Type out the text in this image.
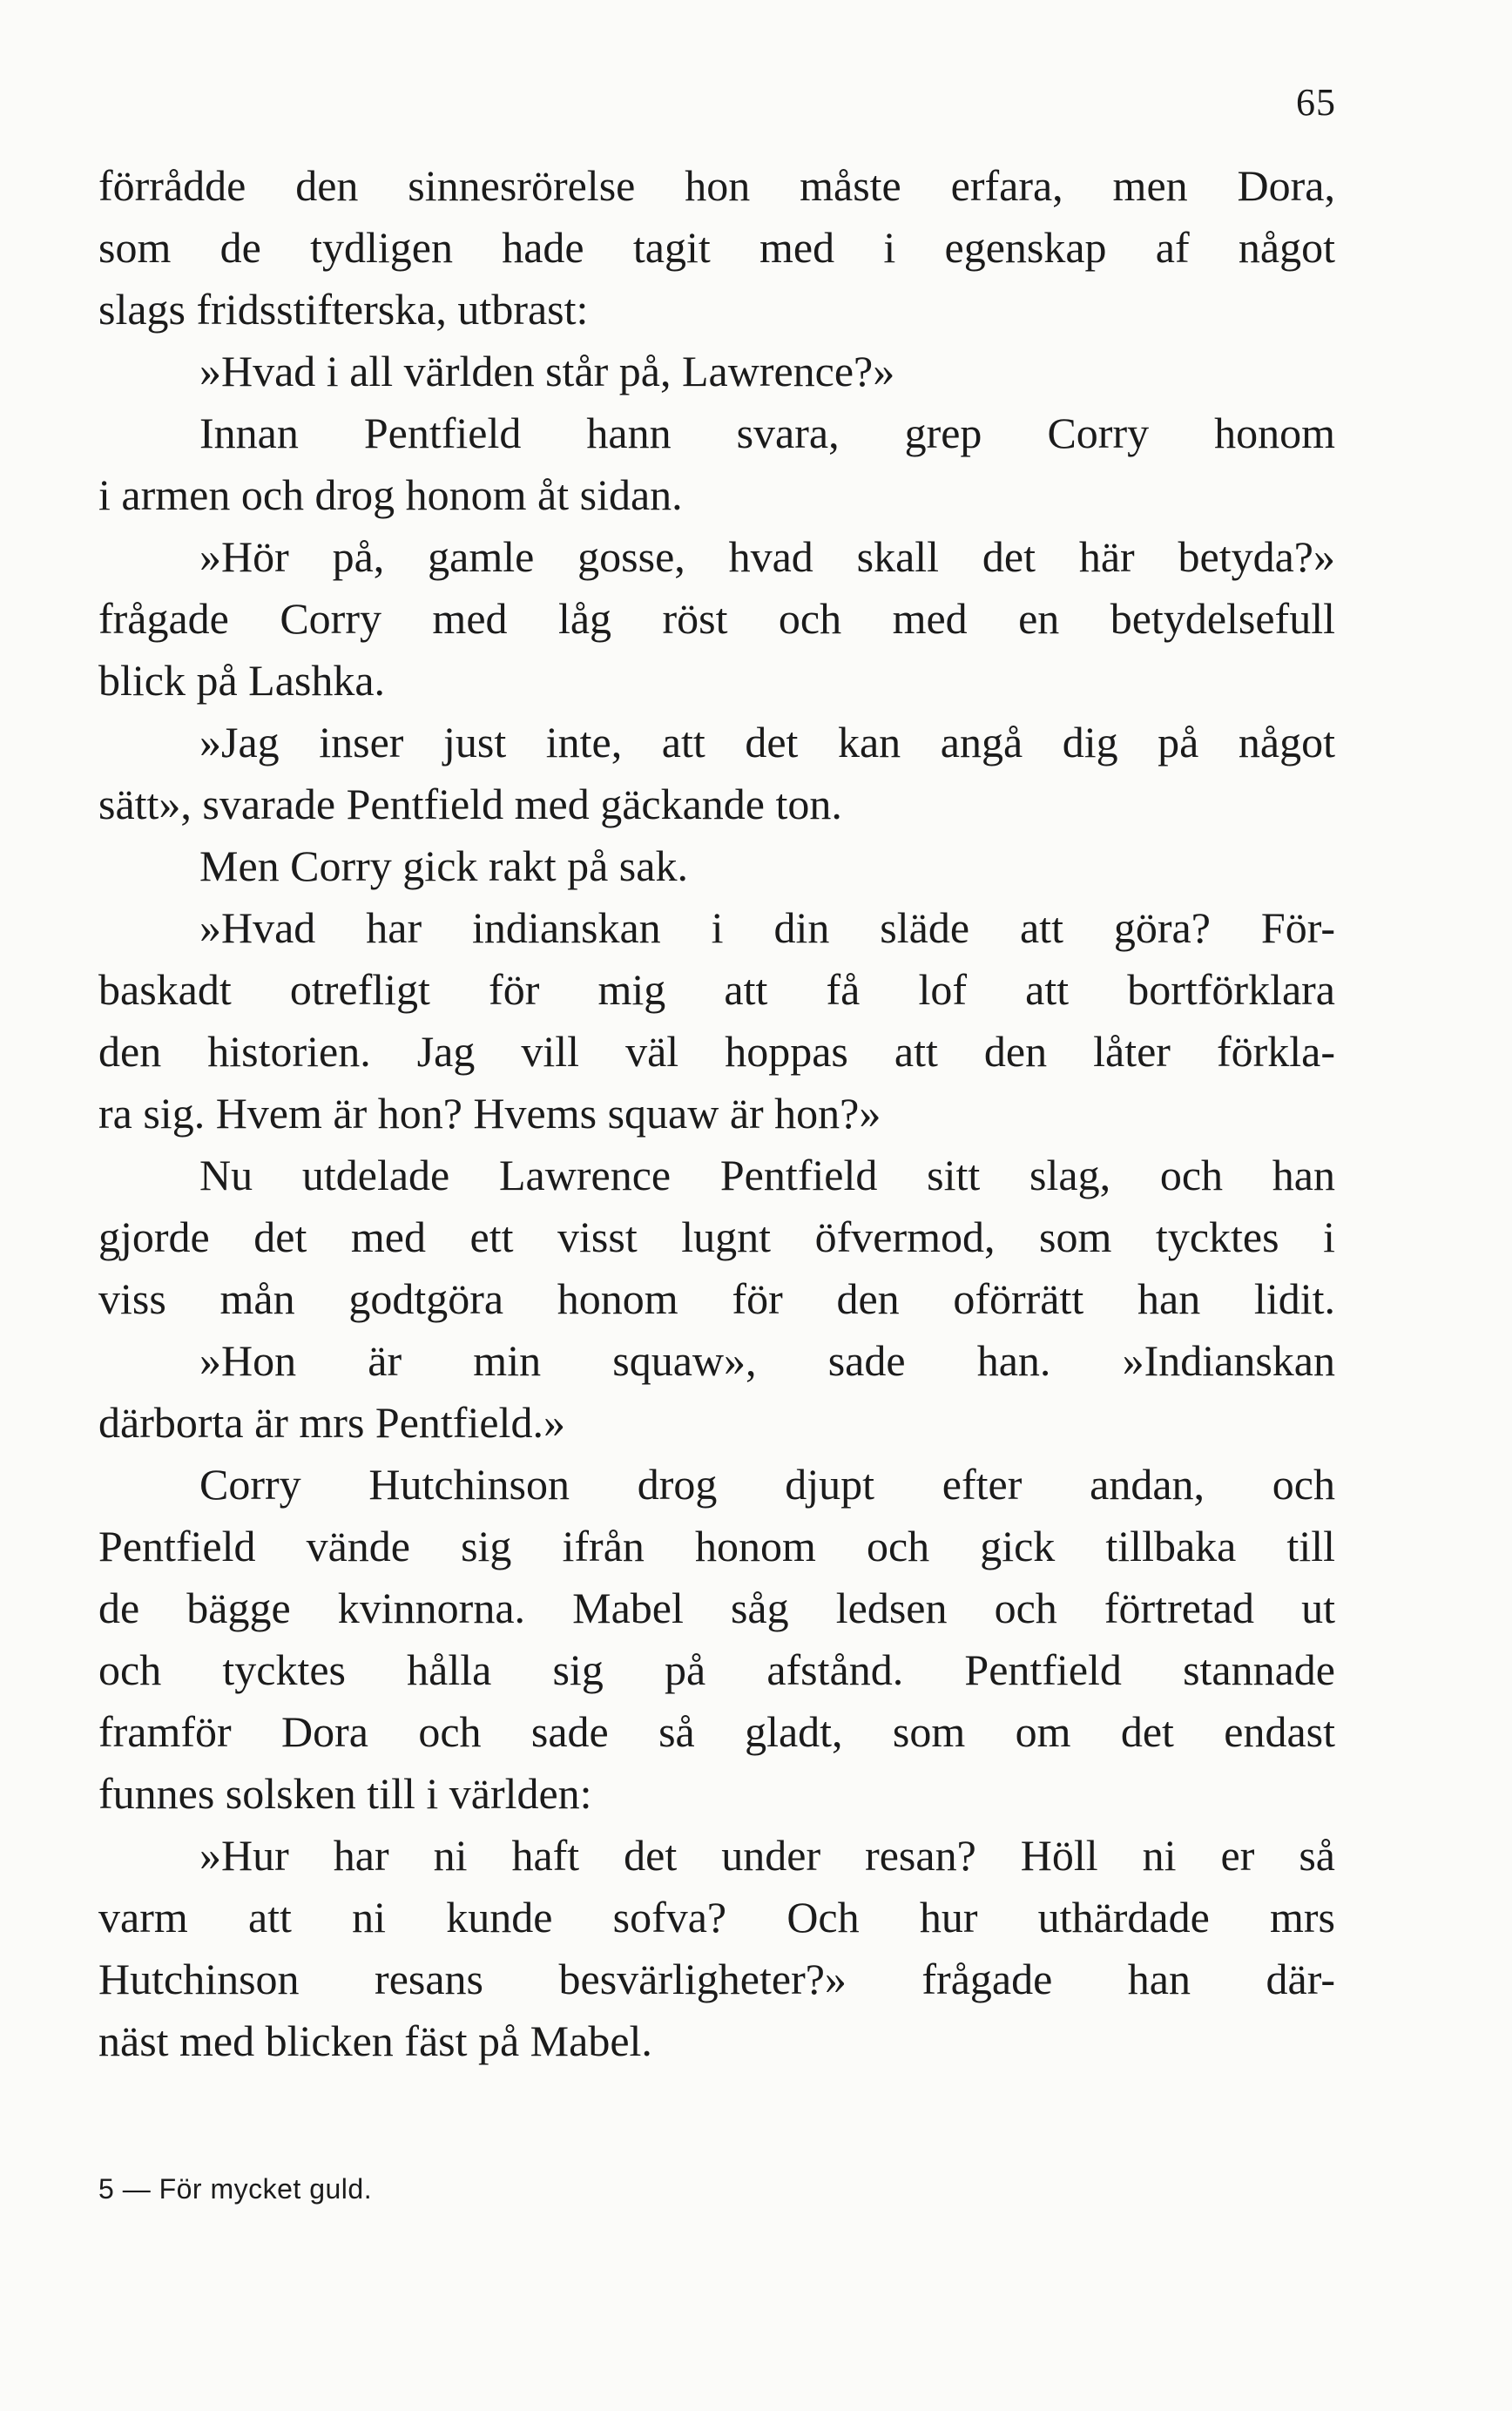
65
förrådde den sinnesrörelse hon måste erfara, men Dora,
som de tydligen hade tagit med i egenskap af något
slags fridsstifterska, utbrast:
»Hvad i all världen står på, Lawrence?»
Innan Pentfield hann svara, grep Corry honom
i armen och drog honom åt sidan.
»Hör på, gamle gosse, hvad skall det här betyda?»
frågade Corry med låg röst och med en betydelsefull
blick på Lashka.
»Jag inser just inte, att det kan angå dig på något
sätt», svarade Pentfield med gäckande ton.
Men Corry gick rakt på sak.
»Hvad har indianskan i din släde att göra? För-
baskadt otrefligt för mig att få lof att bortförklara
den historien. Jag vill väl hoppas att den låter förkla-
ra sig. Hvem är hon? Hvems squaw är hon?»
Nu utdelade Lawrence Pentfield sitt slag, och han
gjorde det med ett visst lugnt öfvermod, som tycktes i
viss mån godtgöra honom för den oförrätt han lidit.
»Hon är min squaw», sade han. »Indianskan
därborta är mrs Pentfield.»
Corry Hutchinson drog djupt efter andan, och
Pentfield vände sig ifrån honom och gick tillbaka till
de bägge kvinnorna. Mabel såg ledsen och förtretad ut
och tycktes hålla sig på afstånd. Pentfield stannade
framför Dora och sade så gladt, som om det endast
funnes solsken till i världen:
»Hur har ni haft det under resan? Höll ni er så
varm att ni kunde sofva? Och hur uthärdade mrs
Hutchinson resans besvärligheter?» frågade han där-
näst med blicken fäst på Mabel.
5 — För mycket guld.
